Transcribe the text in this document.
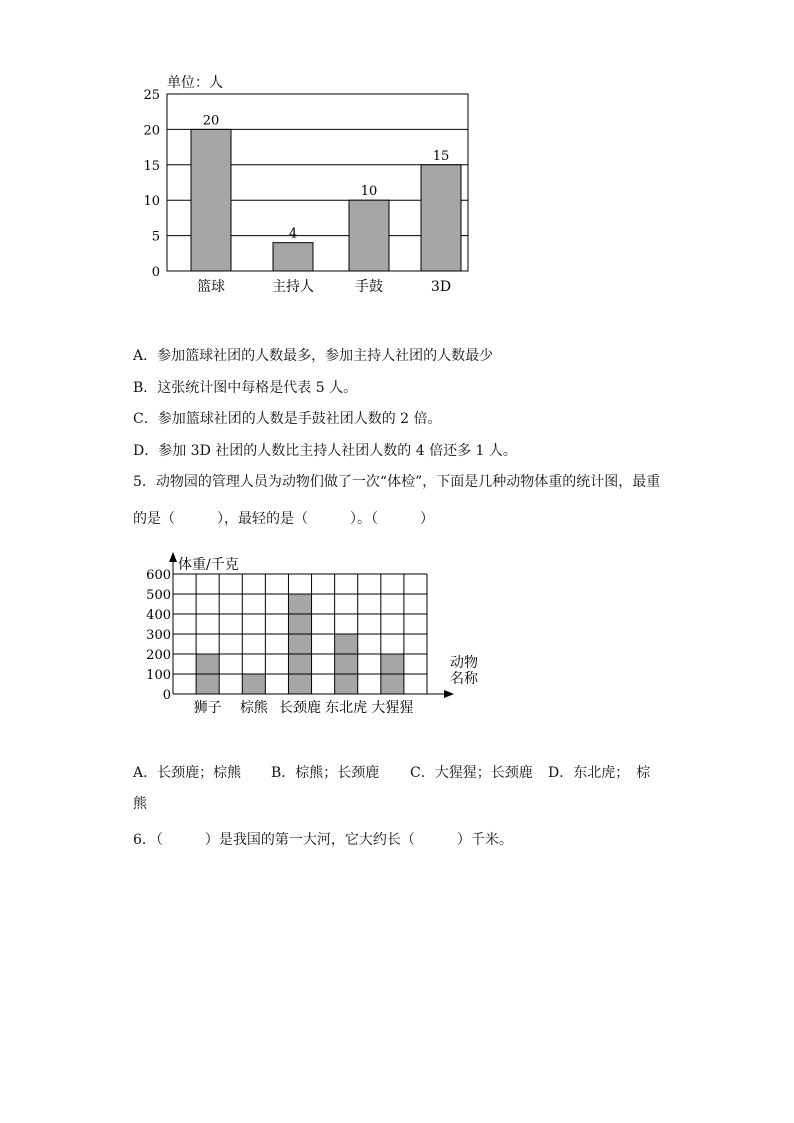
单位：人
25
20
15
10
5
0
20
篮球
4
主持人
10
手鼓
15
3D
A．参加篮球社团的人数最多，参加主持人社团的人数最少
B．这张统计图中每格是代表 5 人。
C．参加篮球社团的人数是手鼓社团人数的 2 倍。
D．参加 3D 社团的人数比主持人社团人数的 4 倍还多 1 人。
5．动物园的管理人员为动物们做了一次“体检”，下面是几种动物体重的统计图，最重
的是（　　　），最轻的是（　　　）。（　　　）
600
500
400
300
200
100
0
体重/千克
动物
名称
狮子 棕熊 长颈鹿 东北虎 大猩猩
A．长颈鹿；棕熊 B．棕熊；长颈鹿 C．大猩猩；长颈鹿 D．东北虎；　棕
熊
6．（　　　）是我国的第一大河，它大约长（　　　）千米。
